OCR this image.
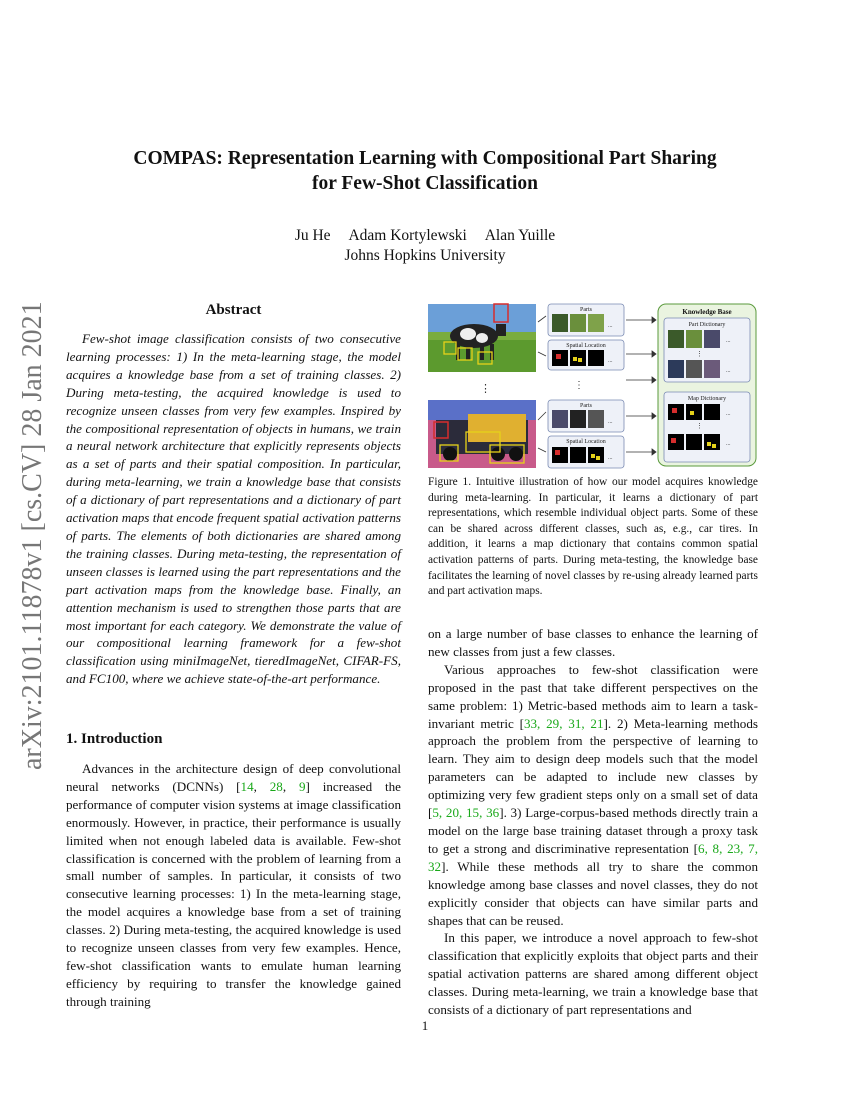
COMPAS: Representation Learning with Compositional Part Sharing
for Few-Shot Classification
Ju He Adam Kortylewski Alan Yuille
Johns Hopkins University
arXiv:2101.11878v1 [cs.CV] 28 Jan 2021	Abstract
Few-shot image classification consists of two consecutive learning processes: 1) In the meta-learning stage, the model acquires a knowledge base from a set of training classes. 2) During meta-testing, the acquired knowledge is used to recognize unseen classes from very few examples. Inspired by the compositional representation of objects in humans, we train a neural network architecture that explicitly represents objects as a set of parts and their spatial composition. In particular, during meta-learning, we train a knowledge base that consists of a dictionary of part representations and a dictionary of part activation maps that encode frequent spatial activation patterns of parts. The elements of both dictionaries are shared among the training classes. During meta-testing, the representation of unseen classes is learned using the part representations and the part activation maps from the knowledge base. Finally, an attention mechanism is used to strengthen those parts that are most important for each category. We demonstrate the value of our compositional learning framework for a few-shot classification using miniImageNet, tieredImageNet, CIFAR-FS, and FC100, where we achieve state-of-the-art performance.
1. Introduction
Advances in the architecture design of deep convolutional neural networks (DCNNs) [14, 28, 9] increased the performance of computer vision systems at image classification enormously. However, in practice, their performance is usually limited when not enough labeled data is available. Few-shot classification is concerned with the problem of learning from a small number of samples. In particular, it consists of two consecutive learning processes: 1) In the meta-learning stage, the model acquires a knowledge base from a set of training classes. 2) During meta-testing, the acquired knowledge is used to recognize unseen classes from very few examples. Hence, few-shot classification wants to emulate human learning efficiency by requiring to transfer the knowledge gained through training
⋮
Parts
...
Spatial Location
...
⋮
Parts
...
Spatial Location
...
Knowledge Base
Part Dictionary
...
⋮
...
Map Dictionary
...
⋮
...
Figure 1. Intuitive illustration of how our model acquires knowledge during meta-learning. In particular, it learns a dictionary of part representations, which resemble individual object parts. Some of these can be shared across different classes, such as, e.g., car tires. In addition, it learns a map dictionary that contains common spatial activation patterns of parts. During meta-testing, the knowledge base facilitates the learning of novel classes by re-using already learned parts and part activation maps.

on a large number of base classes to enhance the learning of new classes from just a few classes.

Various approaches to few-shot classification were proposed in the past that take different perspectives on the same problem: 1) Metric-based methods aim to learn a task-invariant metric [33, 29, 31, 21]. 2) Meta-learning methods approach the problem from the perspective of learning to learn. They aim to design deep models such that the model parameters can be adapted to include new classes by optimizing very few gradient steps only on a small set of data [5, 20, 15, 36]. 3) Large-corpus-based methods directly train a model on the large base training dataset through a proxy task to get a strong and discriminative representation [6, 8, 23, 7, 32]. While these methods all try to share the common knowledge among base classes and novel classes, they do not explicitly consider that objects can have similar parts and shapes that can be reused.

In this paper, we introduce a novel approach to few-shot classification that explicitly exploits that object parts and their spatial activation patterns are shared among different object classes. During meta-learning, we train a knowledge base that consists of a dictionary of part representations and

1
